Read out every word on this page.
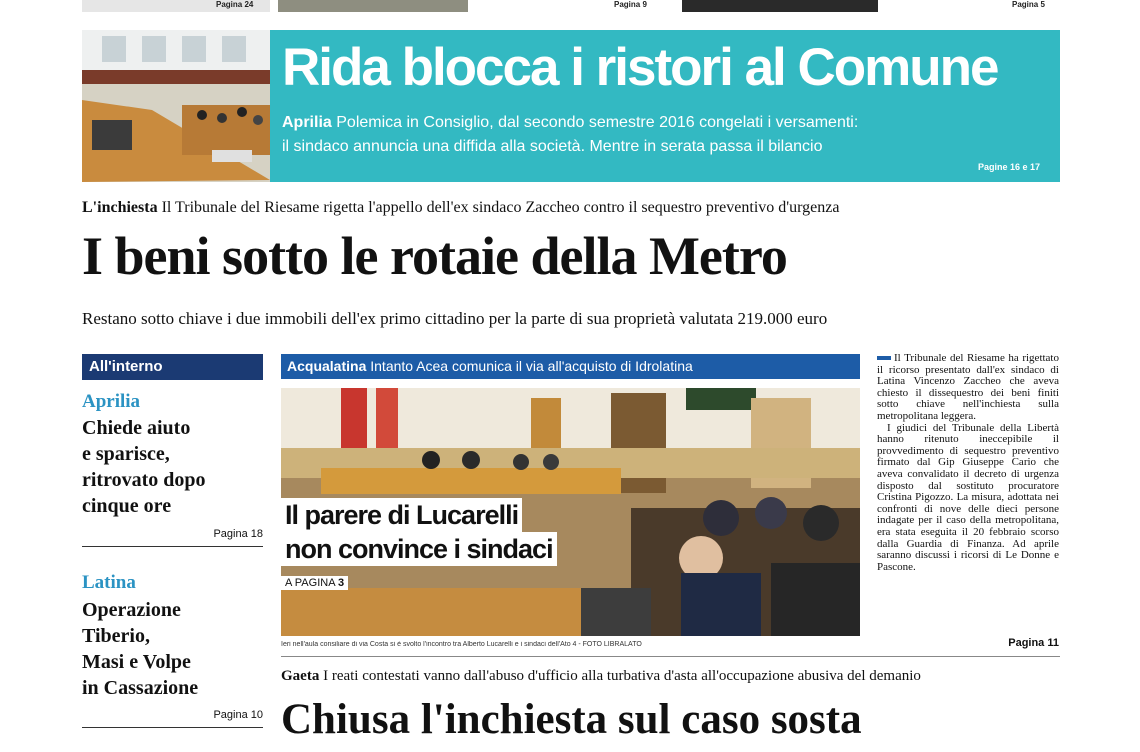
Pagina 24	Pagina 9	Pagina 5
Rida blocca i ristori al Comune
Aprilia Polemica in Consiglio, dal secondo semestre 2016 congelati i versamenti:
il sindaco annuncia una diffida alla società. Mentre in serata passa il bilancio
Pagine 16 e 17
L'inchiesta Il Tribunale del Riesame rigetta l'appello dell'ex sindaco Zaccheo contro il sequestro preventivo d'urgenza
I beni sotto le rotaie della Metro
Restano sotto chiave i due immobili dell'ex primo cittadino per la parte di sua proprietà valutata 219.000 euro
All'interno
Aprilia
Chiede aiuto
e sparisce,
ritrovato dopo
cinque ore
Pagina 18
Latina
Operazione
Tiberio,
Masi e Volpe
in Cassazione
Pagina 10
Acqualatina Intanto Acea comunica il via all'acquisto di Idrolatina
Il parere di Lucarelli
non convince i sindaci
A PAGINA 3
Ieri nell'aula consiliare di via Costa si è svolto l'incontro tra Alberto Lucarelli e i sindaci dell'Ato 4 - FOTO LIBRALATO

Il Tribunale del Riesame ha rigettato il ricorso presentato dall'ex sindaco di Latina Vincenzo Zaccheo che aveva chiesto il dissequestro dei beni finiti sotto chiave nell'inchiesta sulla metropolitana leggera.

I giudici del Tribunale della Libertà hanno ritenuto ineccepibile il provvedimento di sequestro preventivo firmato dal Gip Giuseppe Cario che aveva convalidato il decreto di urgenza disposto dal sostituto procuratore Cristina Pigozzo. La misura, adottata nei confronti di nove delle dieci persone indagate per il caso della metropolitana, era stata eseguita il 20 febbraio scorso dalla Guardia di Finanza. Ad aprile saranno discussi i ricorsi di Le Donne e Pascone.

Pagina 11
Gaeta I reati contestati vanno dall'abuso d'ufficio alla turbativa d'asta all'occupazione abusiva del demanio
Chiusa l'inchiesta sul caso sosta
